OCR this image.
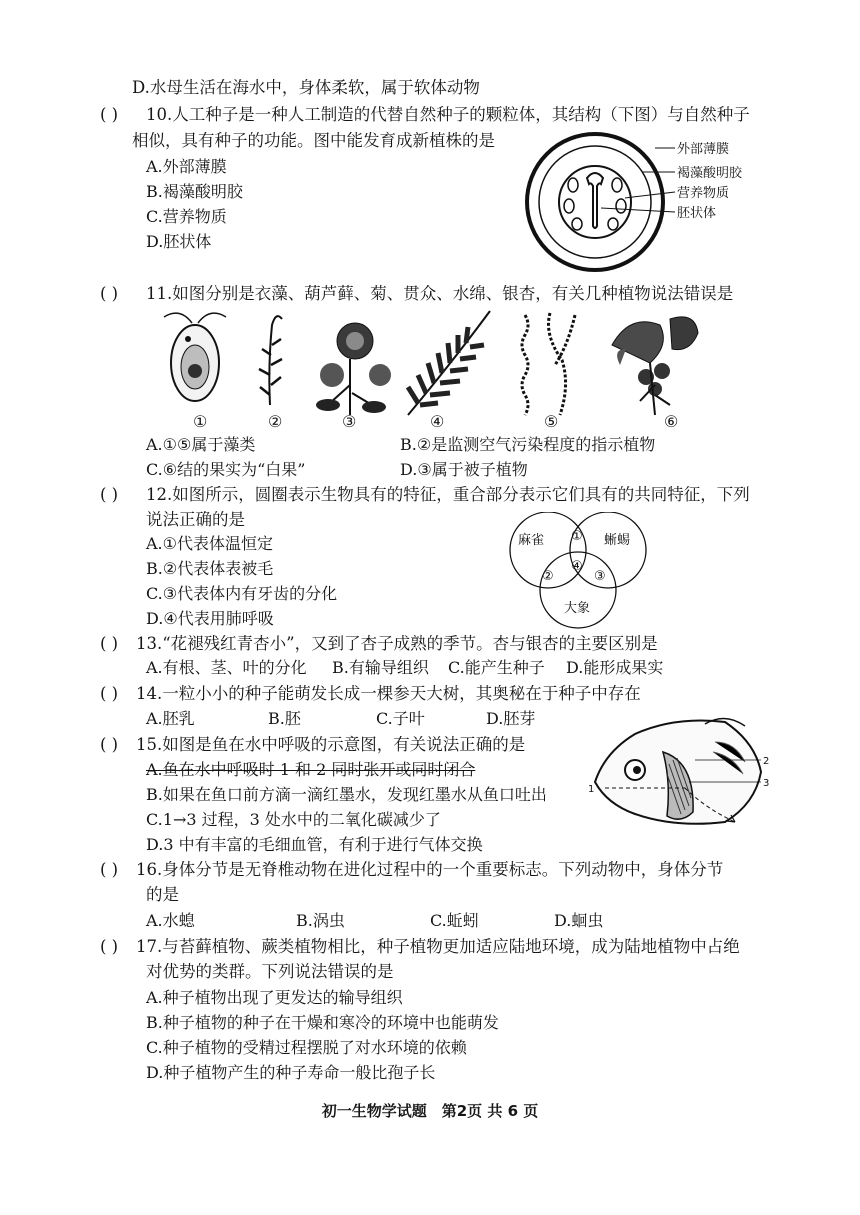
D.水母生活在海水中，身体柔软，属于软体动物
( ) 10.人工种子是一种人工制造的代替自然种子的颗粒体，其结构（下图）与自然种子
相似，具有种子的功能。图中能发育成新植株的是
A.外部薄膜
B.褐藻酸明胶
C.营养物质
D.胚状体
外部薄膜
褐藻酸明胶
营养物质
胚状体
( ) 11.如图分别是衣藻、葫芦藓、菊、贯众、水绵、银杏，有关几种植物说法错误是
①	②	③	④	⑤	⑥
A.①⑤属于藻类	B.②是监测空气污染程度的指示植物
C.⑥结的果实为“白果”	D.③属于被子植物
( ) 12.如图所示，圆圈表示生物具有的特征，重合部分表示它们具有的共同特征，下列
说法正确的是
A.①代表体温恒定
B.②代表体表被毛
C.③代表体内有牙齿的分化
D.④代表用肺呼吸
麻雀	蜥蜴
大象
①
②	③
④
( ) 13.“花褪残红青杏小”，又到了杏子成熟的季节。杏与银杏的主要区别是
A.有根、茎、叶的分化 B.有输导组织 C.能产生种子 D.能形成果实
( ) 14.一粒小小的种子能萌发长成一棵参天大树，其奥秘在于种子中存在
A.胚乳	B.胚	C.子叶	D.胚芽
( ) 15.如图是鱼在水中呼吸的示意图，有关说法正确的是
A.鱼在水中呼吸时 1 和 2 同时张开或同时闭合
B.如果在鱼口前方滴一滴红墨水，发现红墨水从鱼口吐出
C.1→3 过程，3 处水中的二氧化碳减少了
D.3 中有丰富的毛细血管，有利于进行气体交换
1
2
3
( ) 16.身体分节是无脊椎动物在进化过程中的一个重要标志。下列动物中，身体分节
的是
A.水螅	B.涡虫	C.蚯蚓	D.蛔虫
( ) 17.与苔藓植物、蕨类植物相比，种子植物更加适应陆地环境，成为陆地植物中占绝
对优势的类群。下列说法错误的是
A.种子植物出现了更发达的输导组织
B.种子植物的种子在干燥和寒冷的环境中也能萌发
C.种子植物的受精过程摆脱了对水环境的依赖
D.种子植物产生的种子寿命一般比孢子长
初一生物学试题　第2页 共 6 页
